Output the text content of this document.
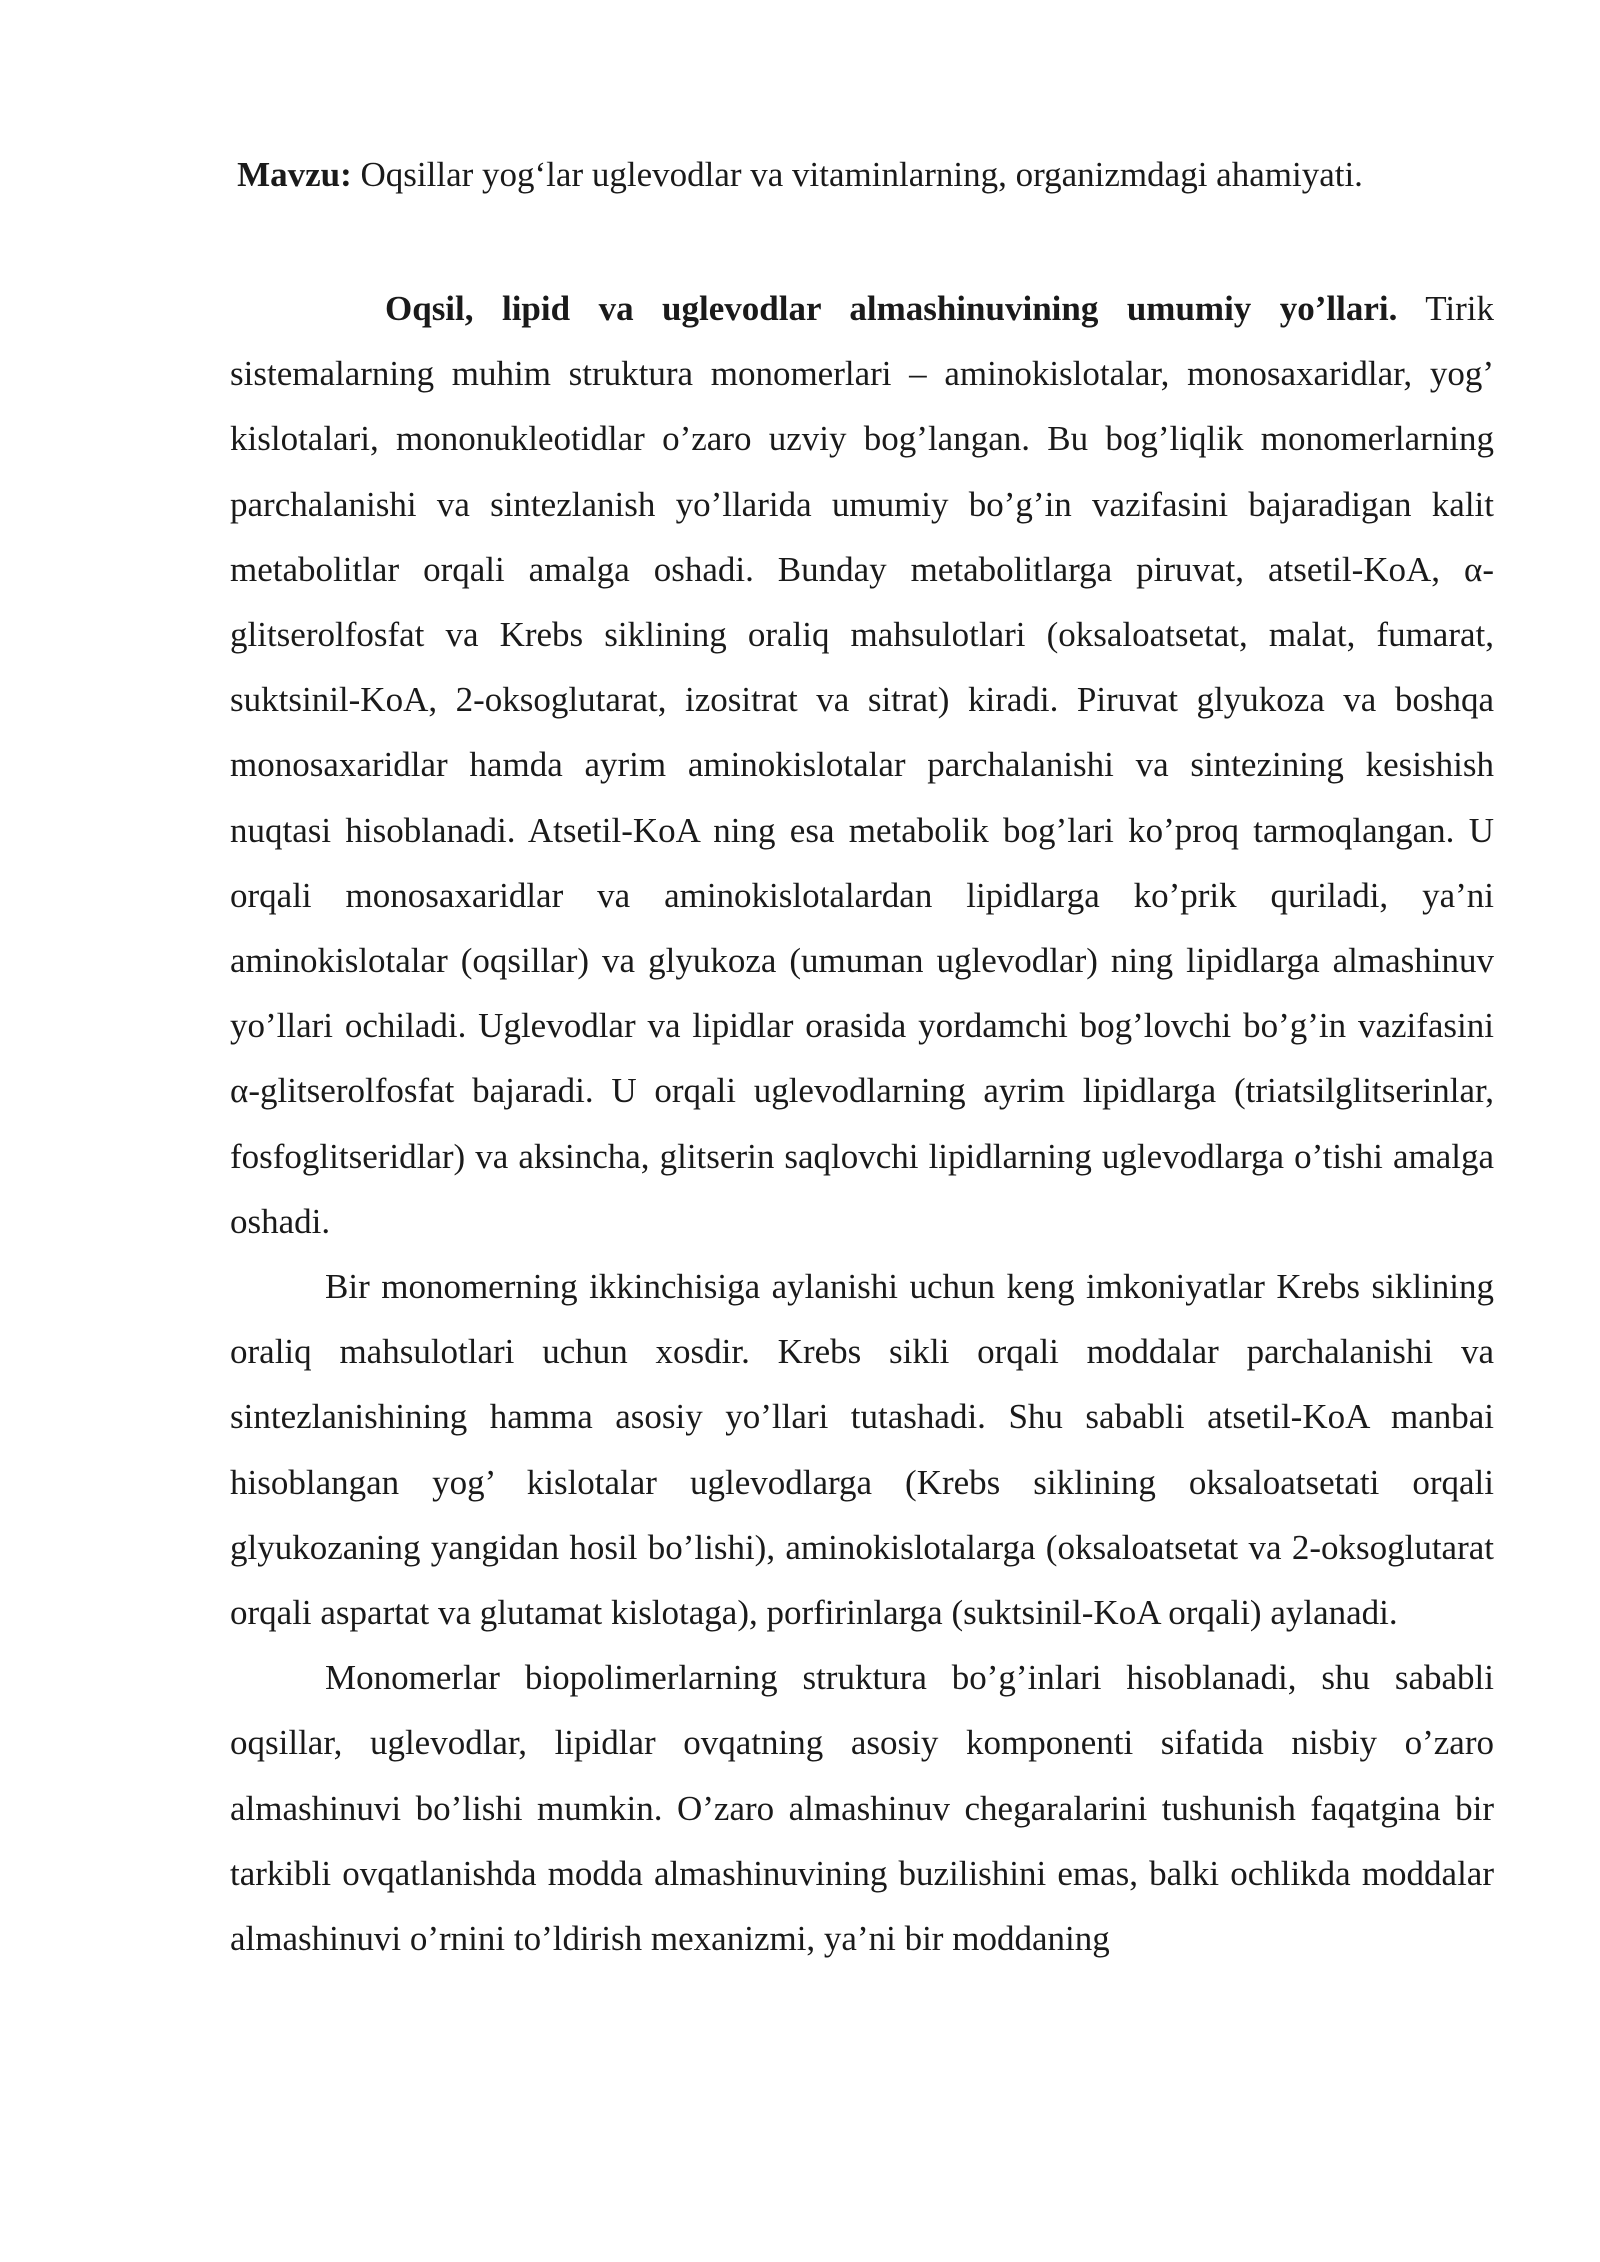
Mavzu: Oqsillar yog‘lar uglevodlar va vitaminlarning, organizmdagi ahamiyati.

Oqsil, lipid va uglevodlar almashinuvining umumiy yo’llari. Tirik sistemalarning muhim struktura monomerlari – aminokislotalar, monosaxaridlar, yog’ kislotalari, mononukleotidlar o’zaro uzviy bog’langan. Bu bog’liqlik monomerlarning parchalanishi va sintezlanish yo’llarida umumiy bo’g’in vazifasini bajaradigan kalit metabolitlar orqali amalga oshadi. Bunday metabolitlarga piruvat, atsetil-KoA, α-glitserolfosfat va Krebs siklining oraliq mahsulotlari (oksaloatsetat, malat, fumarat, suktsinil-KoA, 2-oksoglutarat, izositrat va sitrat) kiradi. Piruvat glyukoza va boshqa monosaxaridlar hamda ayrim aminokislotalar parchalanishi va sintezining kesishish nuqtasi hisoblanadi. Atsetil-KoA ning esa metabolik bog’lari ko’proq tarmoqlangan. U orqali monosaxaridlar va aminokislotalardan lipidlarga ko’prik quriladi, ya’ni aminokislotalar (oqsillar) va glyukoza (umuman uglevodlar) ning lipidlarga almashinuv yo’llari ochiladi. Uglevodlar va lipidlar orasida yordamchi bog’lovchi bo’g’in vazifasini α-glitserolfosfat bajaradi. U orqali uglevodlarning ayrim lipidlarga (triatsilglitserinlar, fosfoglitseridlar) va aksincha, glitserin saqlovchi lipidlarning uglevodlarga o’tishi amalga oshadi.

Bir monomerning ikkinchisiga aylanishi uchun keng imkoniyatlar Krebs siklining oraliq mahsulotlari uchun xosdir. Krebs sikli orqali moddalar parchalanishi va sintezlanishining hamma asosiy yo’llari tutashadi. Shu sababli atsetil-KoA manbai hisoblangan yog’ kislotalar uglevodlarga (Krebs siklining oksaloatsetati orqali glyukozaning yangidan hosil bo’lishi), aminokislotalarga (oksaloatsetat va 2-oksoglutarat orqali aspartat va glutamat kislotaga), porfirinlarga (suktsinil-KoA orqali) aylanadi.

Monomerlar biopolimerlarning struktura bo’g’inlari hisoblanadi, shu sababli oqsillar, uglevodlar, lipidlar ovqatning asosiy komponenti sifatida nisbiy o’zaro almashinuvi bo’lishi mumkin. O’zaro almashinuv chegaralarini tushunish faqatgina bir tarkibli ovqatlanishda modda almashinuvining buzilishini emas, balki ochlikda moddalar almashinuvi o’rnini to’ldirish mexanizmi, ya’ni bir moddaning
